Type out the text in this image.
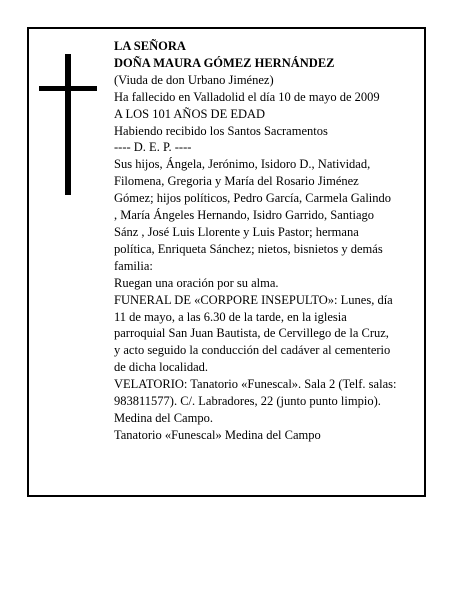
LA SEÑORA

DOÑA MAURA GÓMEZ HERNÁNDEZ

(Viuda de don Urbano Jiménez)

Ha fallecido en Valladolid el día 10 de mayo de 2009

A LOS 101 AÑOS DE EDAD

Habiendo recibido los Santos Sacramentos

---- D. E. P. ----

Sus hijos, Ángela, Jerónimo, Isidoro D., Natividad,

Filomena, Gregoria y María del Rosario Jiménez

Gómez; hijos políticos, Pedro García, Carmela Galindo

, María Ángeles Hernando, Isidro Garrido, Santiago

Sánz , José Luis Llorente y Luis Pastor; hermana

política, Enriqueta Sánchez; nietos, bisnietos y demás

familia:

Ruegan una oración por su alma.

FUNERAL DE «CORPORE INSEPULTO»: Lunes, día

11 de mayo, a las 6.30 de la tarde, en la iglesia

parroquial San Juan Bautista, de Cervillego de la Cruz,

y acto seguido la conducción del cadáver al cementerio

de dicha localidad.

VELATORIO: Tanatorio «Funescal». Sala 2 (Telf. salas:

983811577). C/. Labradores, 22 (junto punto limpio).

Medina del Campo.

Tanatorio «Funescal» Medina del Campo
